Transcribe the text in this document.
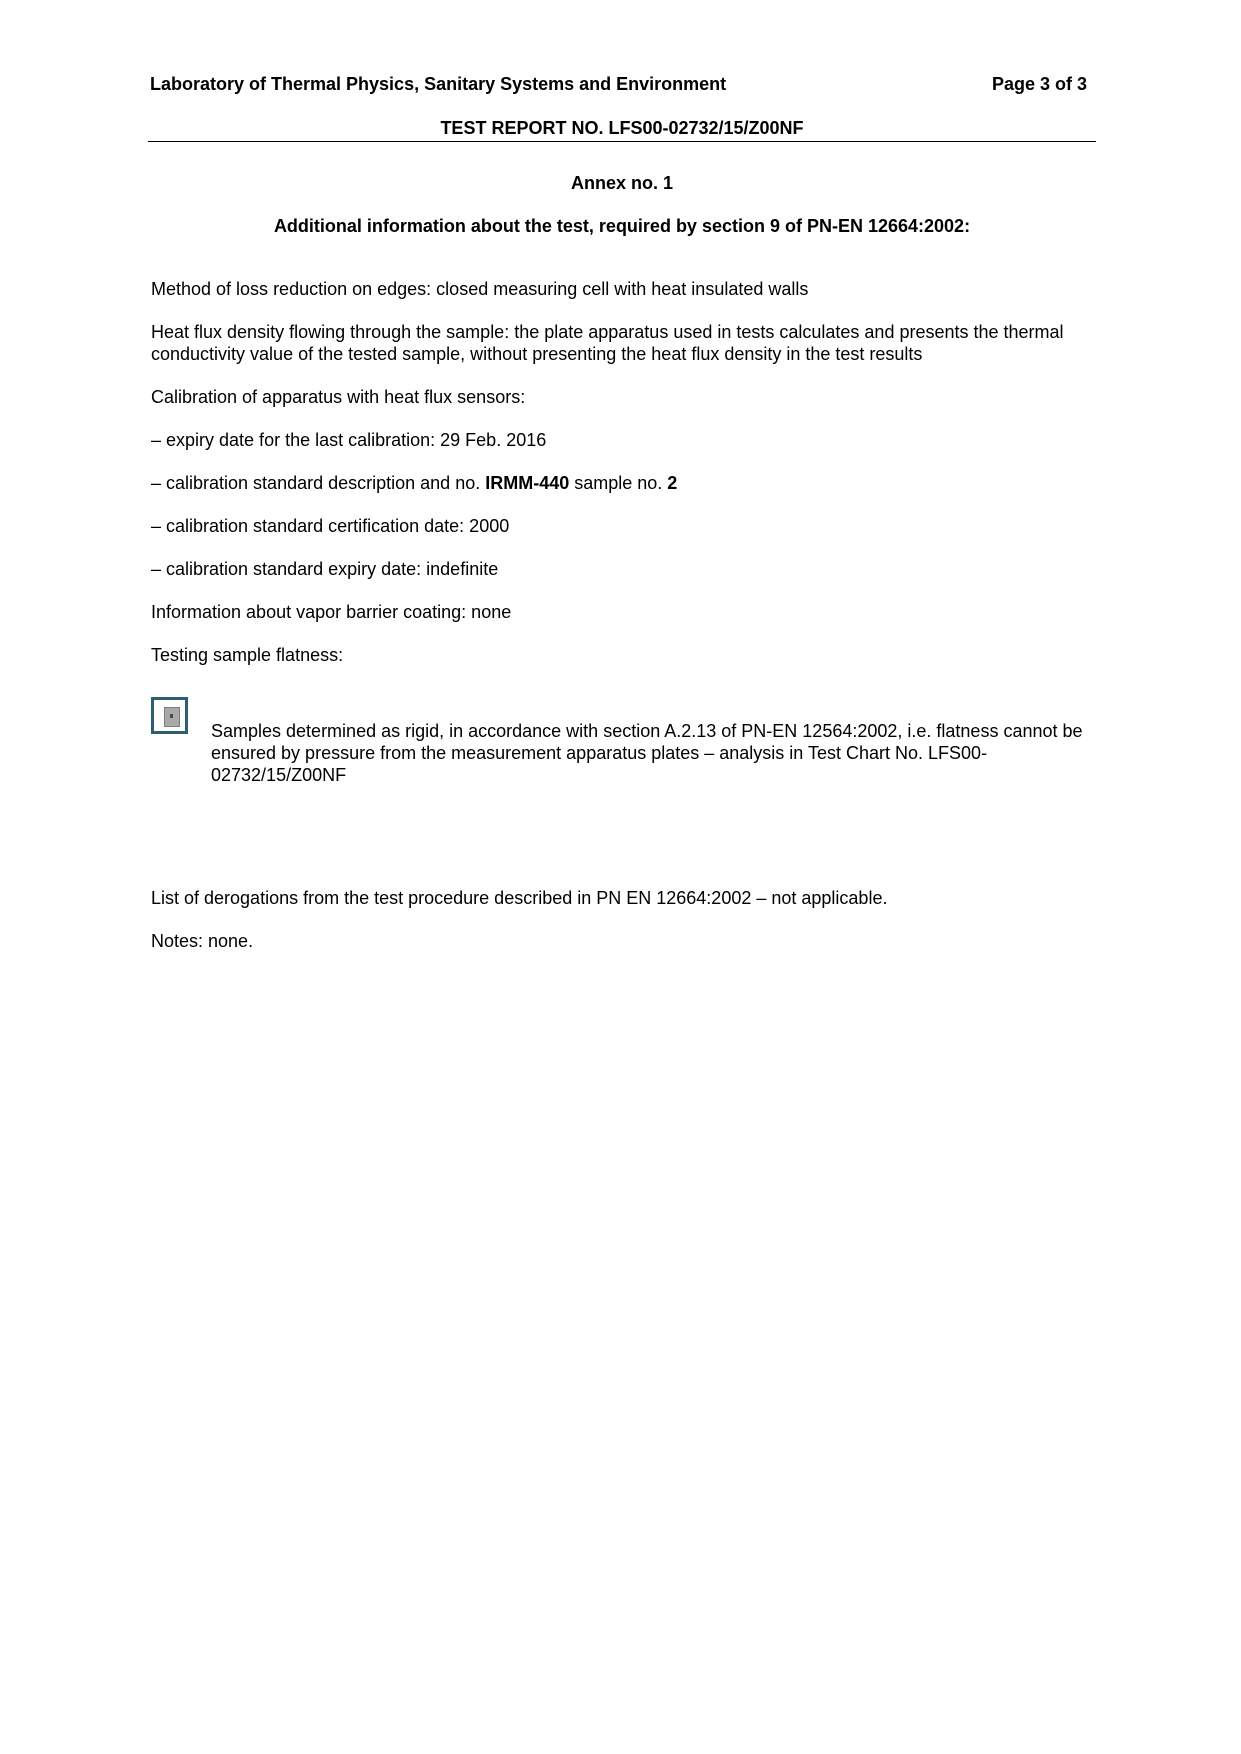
Laboratory of Thermal Physics, Sanitary Systems and Environment	Page 3 of 3
TEST REPORT NO. LFS00-02732/15/Z00NF
Annex no. 1
Additional information about the test, required by section 9 of PN-EN 12664:2002:
Method of loss reduction on edges: closed measuring cell with heat insulated walls
Heat flux density flowing through the sample: the plate apparatus used in tests calculates and presents the thermal conductivity value of the tested sample, without presenting the heat flux density in the test results
Calibration of apparatus with heat flux sensors:
– expiry date for the last calibration: 29 Feb. 2016
– calibration standard description and no. IRMM-440 sample no. 2
– calibration standard certification date: 2000
– calibration standard expiry date: indefinite
Information about vapor barrier coating: none
Testing sample flatness:
Samples determined as rigid, in accordance with section A.2.13 of PN-EN 12564:2002, i.e. flatness cannot be ensured by pressure from the measurement apparatus plates – analysis in Test Chart No. LFS00-02732/15/Z00NF
List of derogations from the test procedure described in PN EN 12664:2002 – not applicable.
Notes: none.
